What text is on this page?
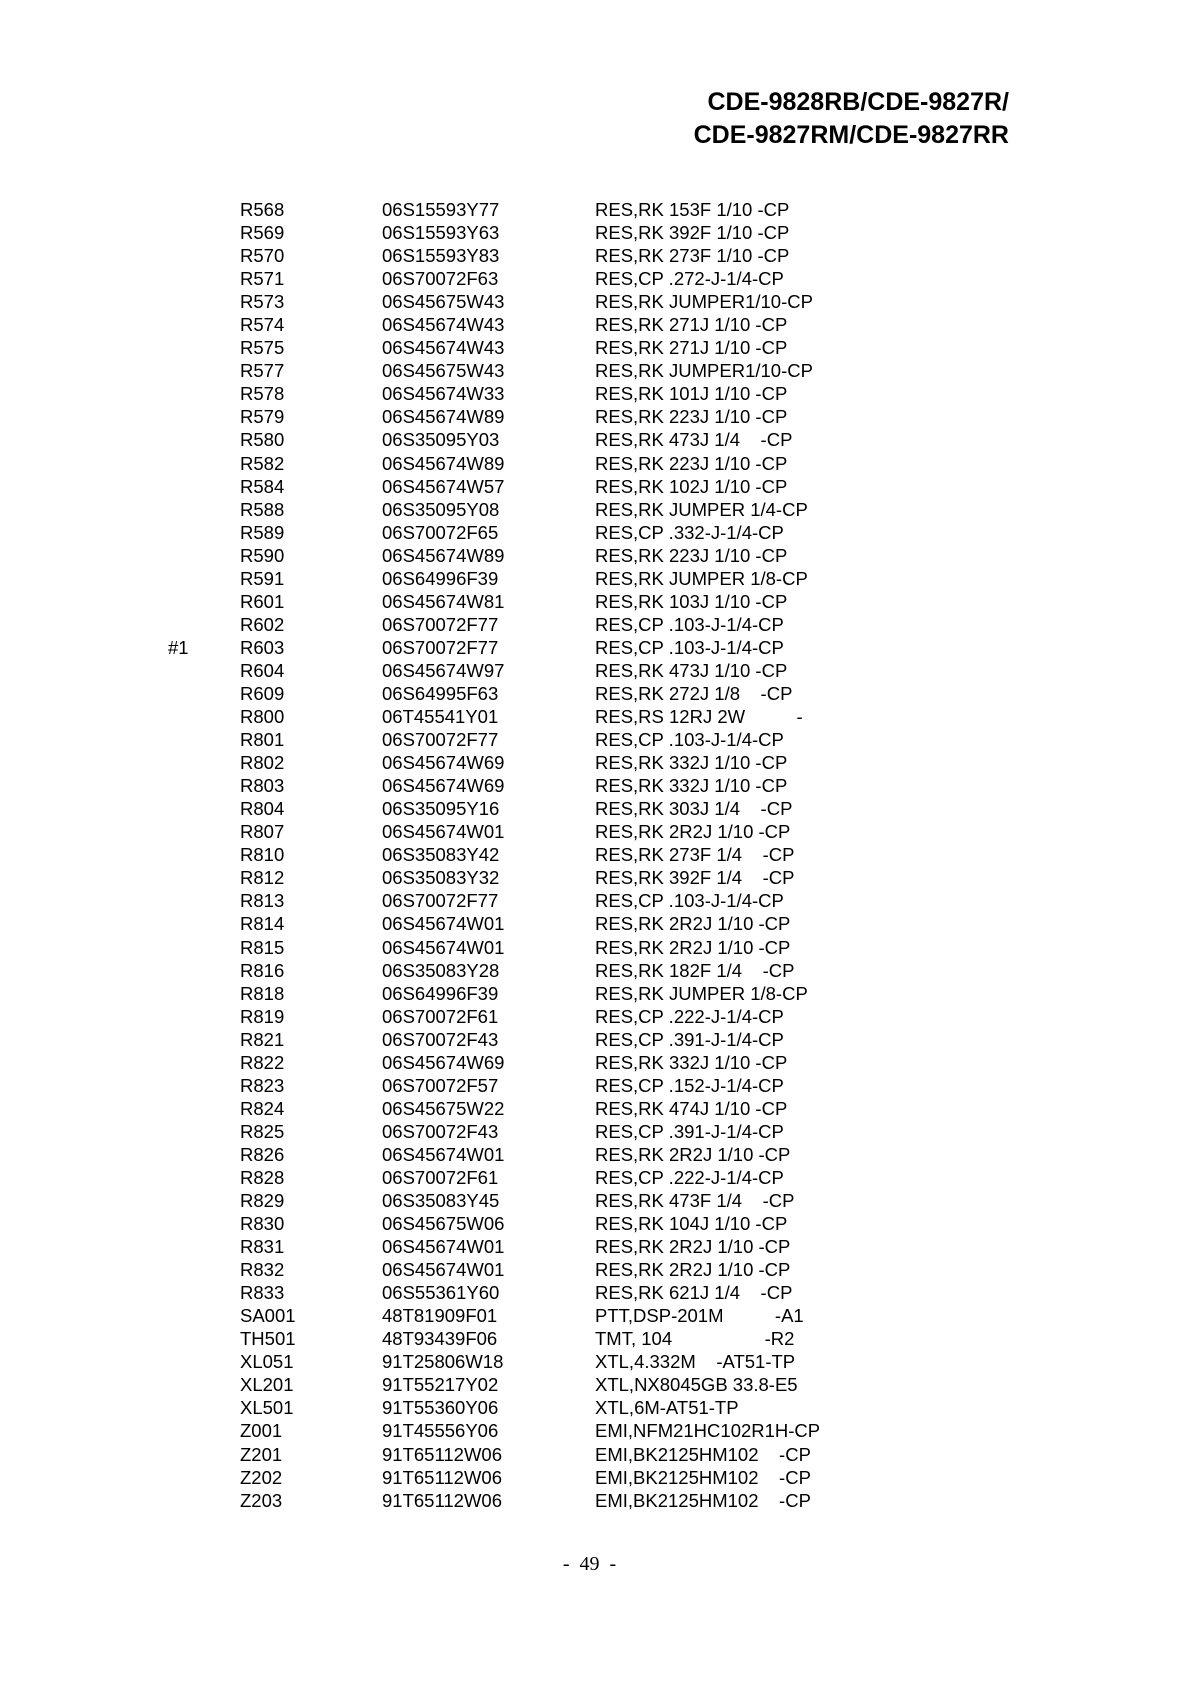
CDE-9828RB/CDE-9827R/
CDE-9827RM/CDE-9827RR
R568	06S15593Y77	RES,RK 153F 1/10 -CP
R569	06S15593Y63	RES,RK 392F 1/10 -CP
R570	06S15593Y83	RES,RK 273F 1/10 -CP
R571	06S70072F63	RES,CP .272-J-1/4-CP
R573	06S45675W43	RES,RK JUMPER1/10-CP
R574	06S45674W43	RES,RK 271J 1/10 -CP
R575	06S45674W43	RES,RK 271J 1/10 -CP
R577	06S45675W43	RES,RK JUMPER1/10-CP
R578	06S45674W33	RES,RK 101J 1/10 -CP
R579	06S45674W89	RES,RK 223J 1/10 -CP
R580	06S35095Y03	RES,RK 473J 1/4    -CP
R582	06S45674W89	RES,RK 223J 1/10 -CP
R584	06S45674W57	RES,RK 102J 1/10 -CP
R588	06S35095Y08	RES,RK JUMPER 1/4-CP
R589	06S70072F65	RES,CP .332-J-1/4-CP
R590	06S45674W89	RES,RK 223J 1/10 -CP
R591	06S64996F39	RES,RK JUMPER 1/8-CP
R601	06S45674W81	RES,RK 103J 1/10 -CP
R602	06S70072F77	RES,CP .103-J-1/4-CP
#1	R603	06S70072F77	RES,CP .103-J-1/4-CP
R604	06S45674W97	RES,RK 473J 1/10 -CP
R609	06S64995F63	RES,RK 272J 1/8    -CP
R800	06T45541Y01	RES,RS 12RJ 2W          -
R801	06S70072F77	RES,CP .103-J-1/4-CP
R802	06S45674W69	RES,RK 332J 1/10 -CP
R803	06S45674W69	RES,RK 332J 1/10 -CP
R804	06S35095Y16	RES,RK 303J 1/4    -CP
R807	06S45674W01	RES,RK 2R2J 1/10 -CP
R810	06S35083Y42	RES,RK 273F 1/4    -CP
R812	06S35083Y32	RES,RK 392F 1/4    -CP
R813	06S70072F77	RES,CP .103-J-1/4-CP
R814	06S45674W01	RES,RK 2R2J 1/10 -CP
R815	06S45674W01	RES,RK 2R2J 1/10 -CP
R816	06S35083Y28	RES,RK 182F 1/4    -CP
R818	06S64996F39	RES,RK JUMPER 1/8-CP
R819	06S70072F61	RES,CP .222-J-1/4-CP
R821	06S70072F43	RES,CP .391-J-1/4-CP
R822	06S45674W69	RES,RK 332J 1/10 -CP
R823	06S70072F57	RES,CP .152-J-1/4-CP
R824	06S45675W22	RES,RK 474J 1/10 -CP
R825	06S70072F43	RES,CP .391-J-1/4-CP
R826	06S45674W01	RES,RK 2R2J 1/10 -CP
R828	06S70072F61	RES,CP .222-J-1/4-CP
R829	06S35083Y45	RES,RK 473F 1/4    -CP
R830	06S45675W06	RES,RK 104J 1/10 -CP
R831	06S45674W01	RES,RK 2R2J 1/10 -CP
R832	06S45674W01	RES,RK 2R2J 1/10 -CP
R833	06S55361Y60	RES,RK 621J 1/4    -CP
SA001	48T81909F01	PTT,DSP-201M          -A1
TH501	48T93439F06	TMT, 104                  -R2
XL051	91T25806W18	XTL,4.332M    -AT51-TP
XL201	91T55217Y02	XTL,NX8045GB 33.8-E5
XL501	91T55360Y06	XTL,6M-AT51-TP
Z001	91T45556Y06	EMI,NFM21HC102R1H-CP
Z201	91T65112W06	EMI,BK2125HM102    -CP
Z202	91T65112W06	EMI,BK2125HM102    -CP
Z203	91T65112W06	EMI,BK2125HM102    -CP
-  49  -
